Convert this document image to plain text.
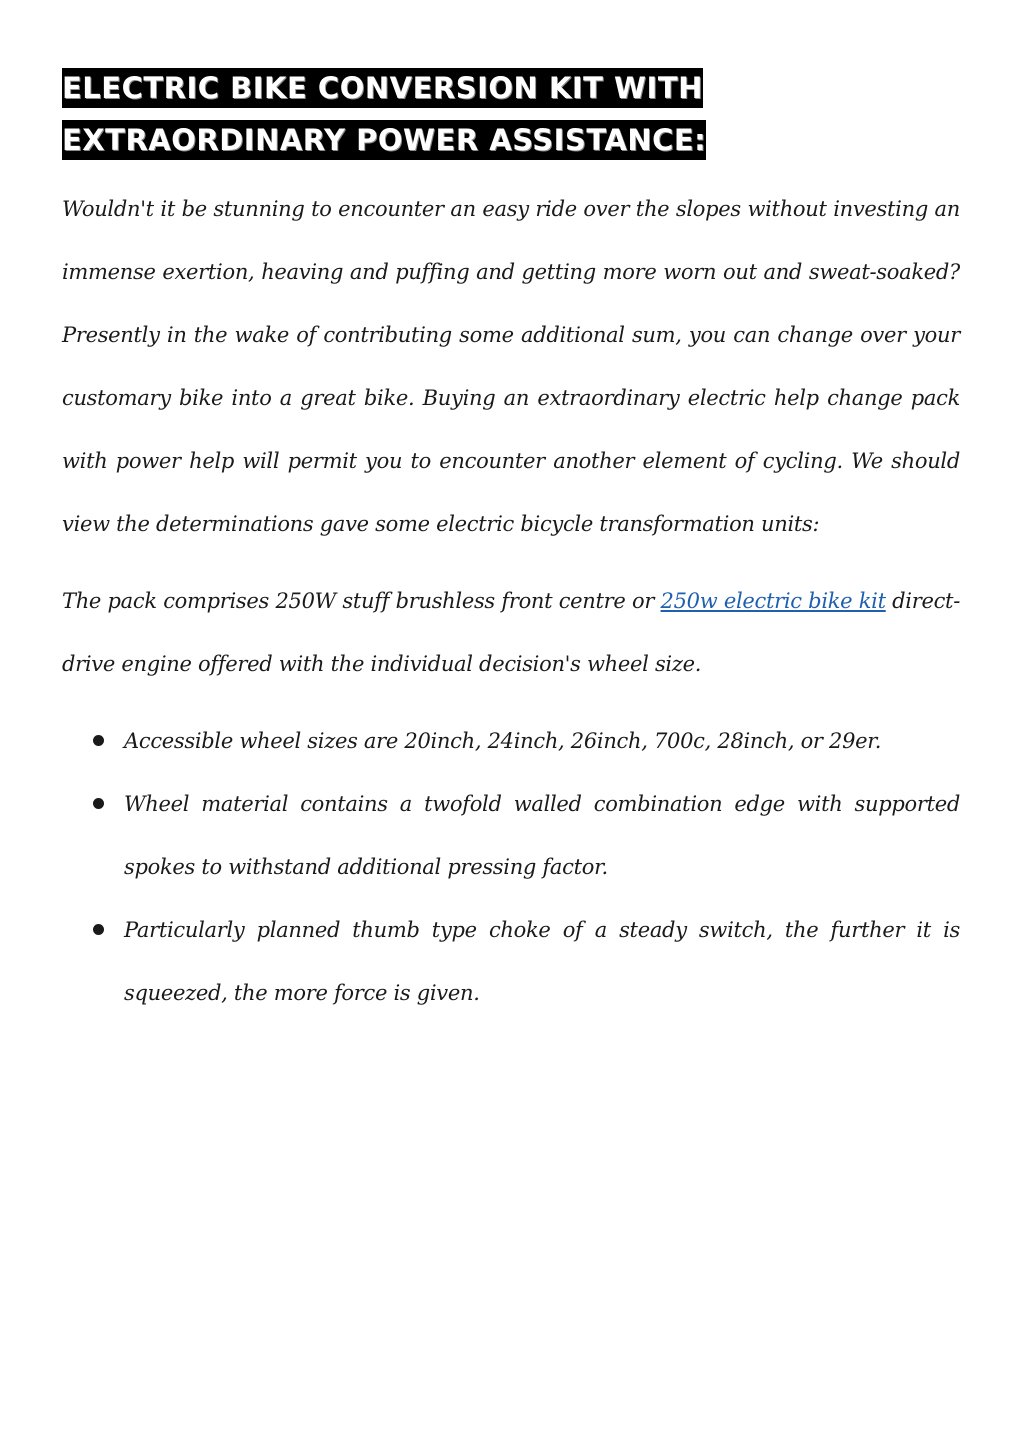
ELECTRIC BIKE CONVERSION KIT WITH
EXTRAORDINARY POWER ASSISTANCE:

Wouldn't it be stunning to encounter an easy ride over the slopes without investing an immense exertion, heaving and puffing and getting more worn out and sweat-soaked? Presently in the wake of contributing some additional sum, you can change over your customary bike into a great bike. Buying an extraordinary electric help change pack with power help will permit you to encounter another element of cycling. We should view the determinations gave some electric bicycle transformation units:

The pack comprises 250W stuff brushless front centre or 250w electric bike kit direct-drive engine offered with the individual decision's wheel size.

Accessible wheel sizes are 20inch, 24inch, 26inch, 700c, 28inch, or 29er.
Wheel material contains a twofold walled combination edge with supported spokes to withstand additional pressing factor.
Particularly planned thumb type choke of a steady switch, the further it is squeezed, the more force is given.
